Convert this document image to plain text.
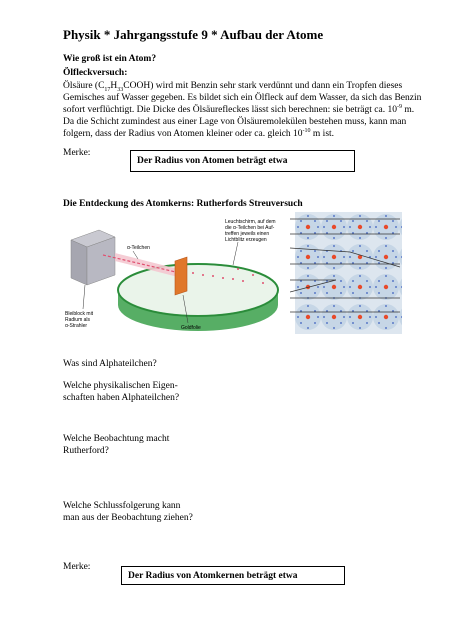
Physik * Jahrgangsstufe 9 * Aufbau der Atome
Wie groß ist ein Atom?
Ölfleckversuch:
Ölsäure $(C_{17}H_{33}COOH)$ wird mit Benzin sehr stark verdünnt und dann ein Tropfen dieses
Gemisches auf Wasser gegeben. Es bildet sich ein Ölfleck auf dem Wasser, da sich das Benzin
sofort verflüchtigt. Die Dicke des Ölsäurefleckes lässt sich berechnen: sie beträgt ca. $10^{-9}$ m.
Da die Schicht zumindest aus einer Lage von Ölsäuremolekülen bestehen muss, kann man
folgern, dass der Radius von Atomen kleiner oder ca. gleich $10^{-10}$ m ist.
Merke:
Der Radius von Atomen beträgt etwa
Die Entdeckung des Atomkerns: Rutherfords Streuversuch
Leuchtschirm, auf dem die α-Teilchen bei Auf-treffen jeweils einen Lichtblitz erzeugen
α-Teilchen
Bleiblock mit Radium als α-Strahler	Goldfolie
Was sind Alphateilchen?
Welche physikalischen Eigen-
schaften haben Alphateilchen?
Welche Beobachtung macht
Rutherford?
Welche Schlussfolgerung kann
man aus der Beobachtung ziehen?
Merke:
Der Radius von Atomkernen beträgt etwa
